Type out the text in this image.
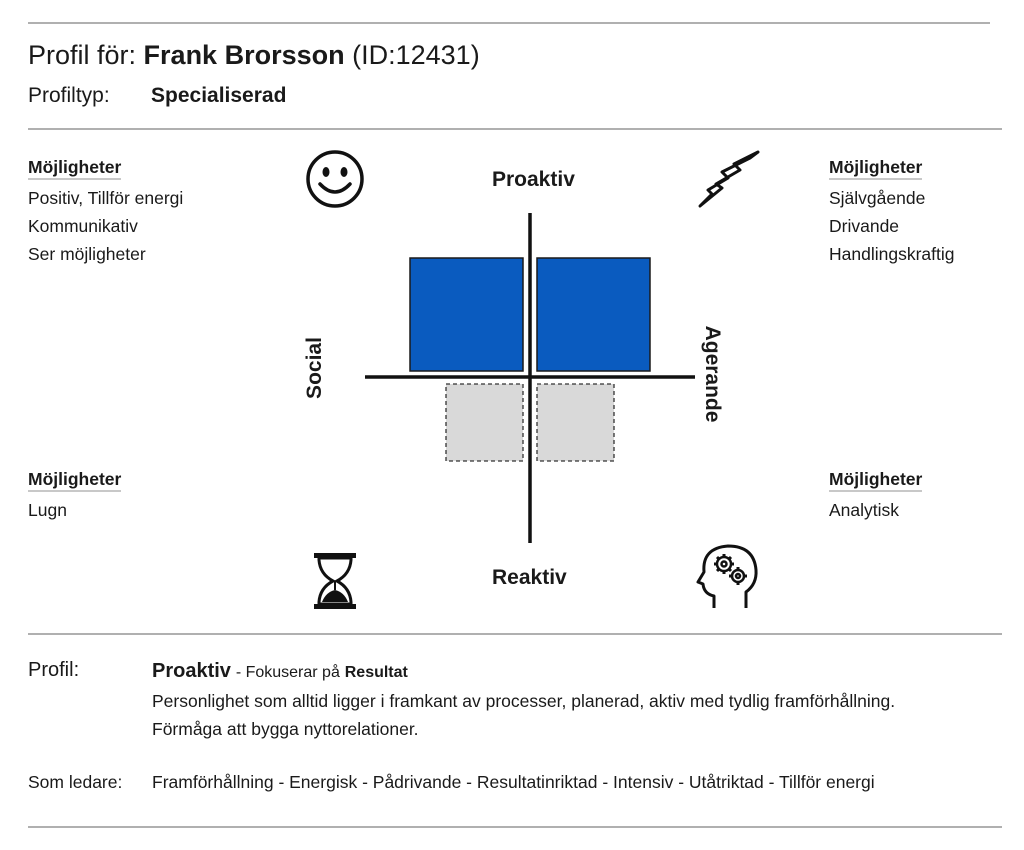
Profil för: Frank Brorsson (ID:12431)
Profiltyp: Specialiserad
Möjligheter
Positiv, Tillför energi
Kommunikativ
Ser möjligheter
Möjligheter
Självgående
Drivande
Handlingskraftig
Möjligheter
Lugn
Möjligheter
Analytisk
Proaktiv
Reaktiv
Social	Agerande
Profil:	Proaktiv - Fokuserar på Resultat
Personlighet som alltid ligger i framkant av processer, planerad, aktiv med tydlig framförhållning.
Förmåga att bygga nyttorelationer.
Som ledare: Framförhållning - Energisk - Pådrivande - Resultatinriktad - Intensiv - Utåtriktad - Tillför energi
